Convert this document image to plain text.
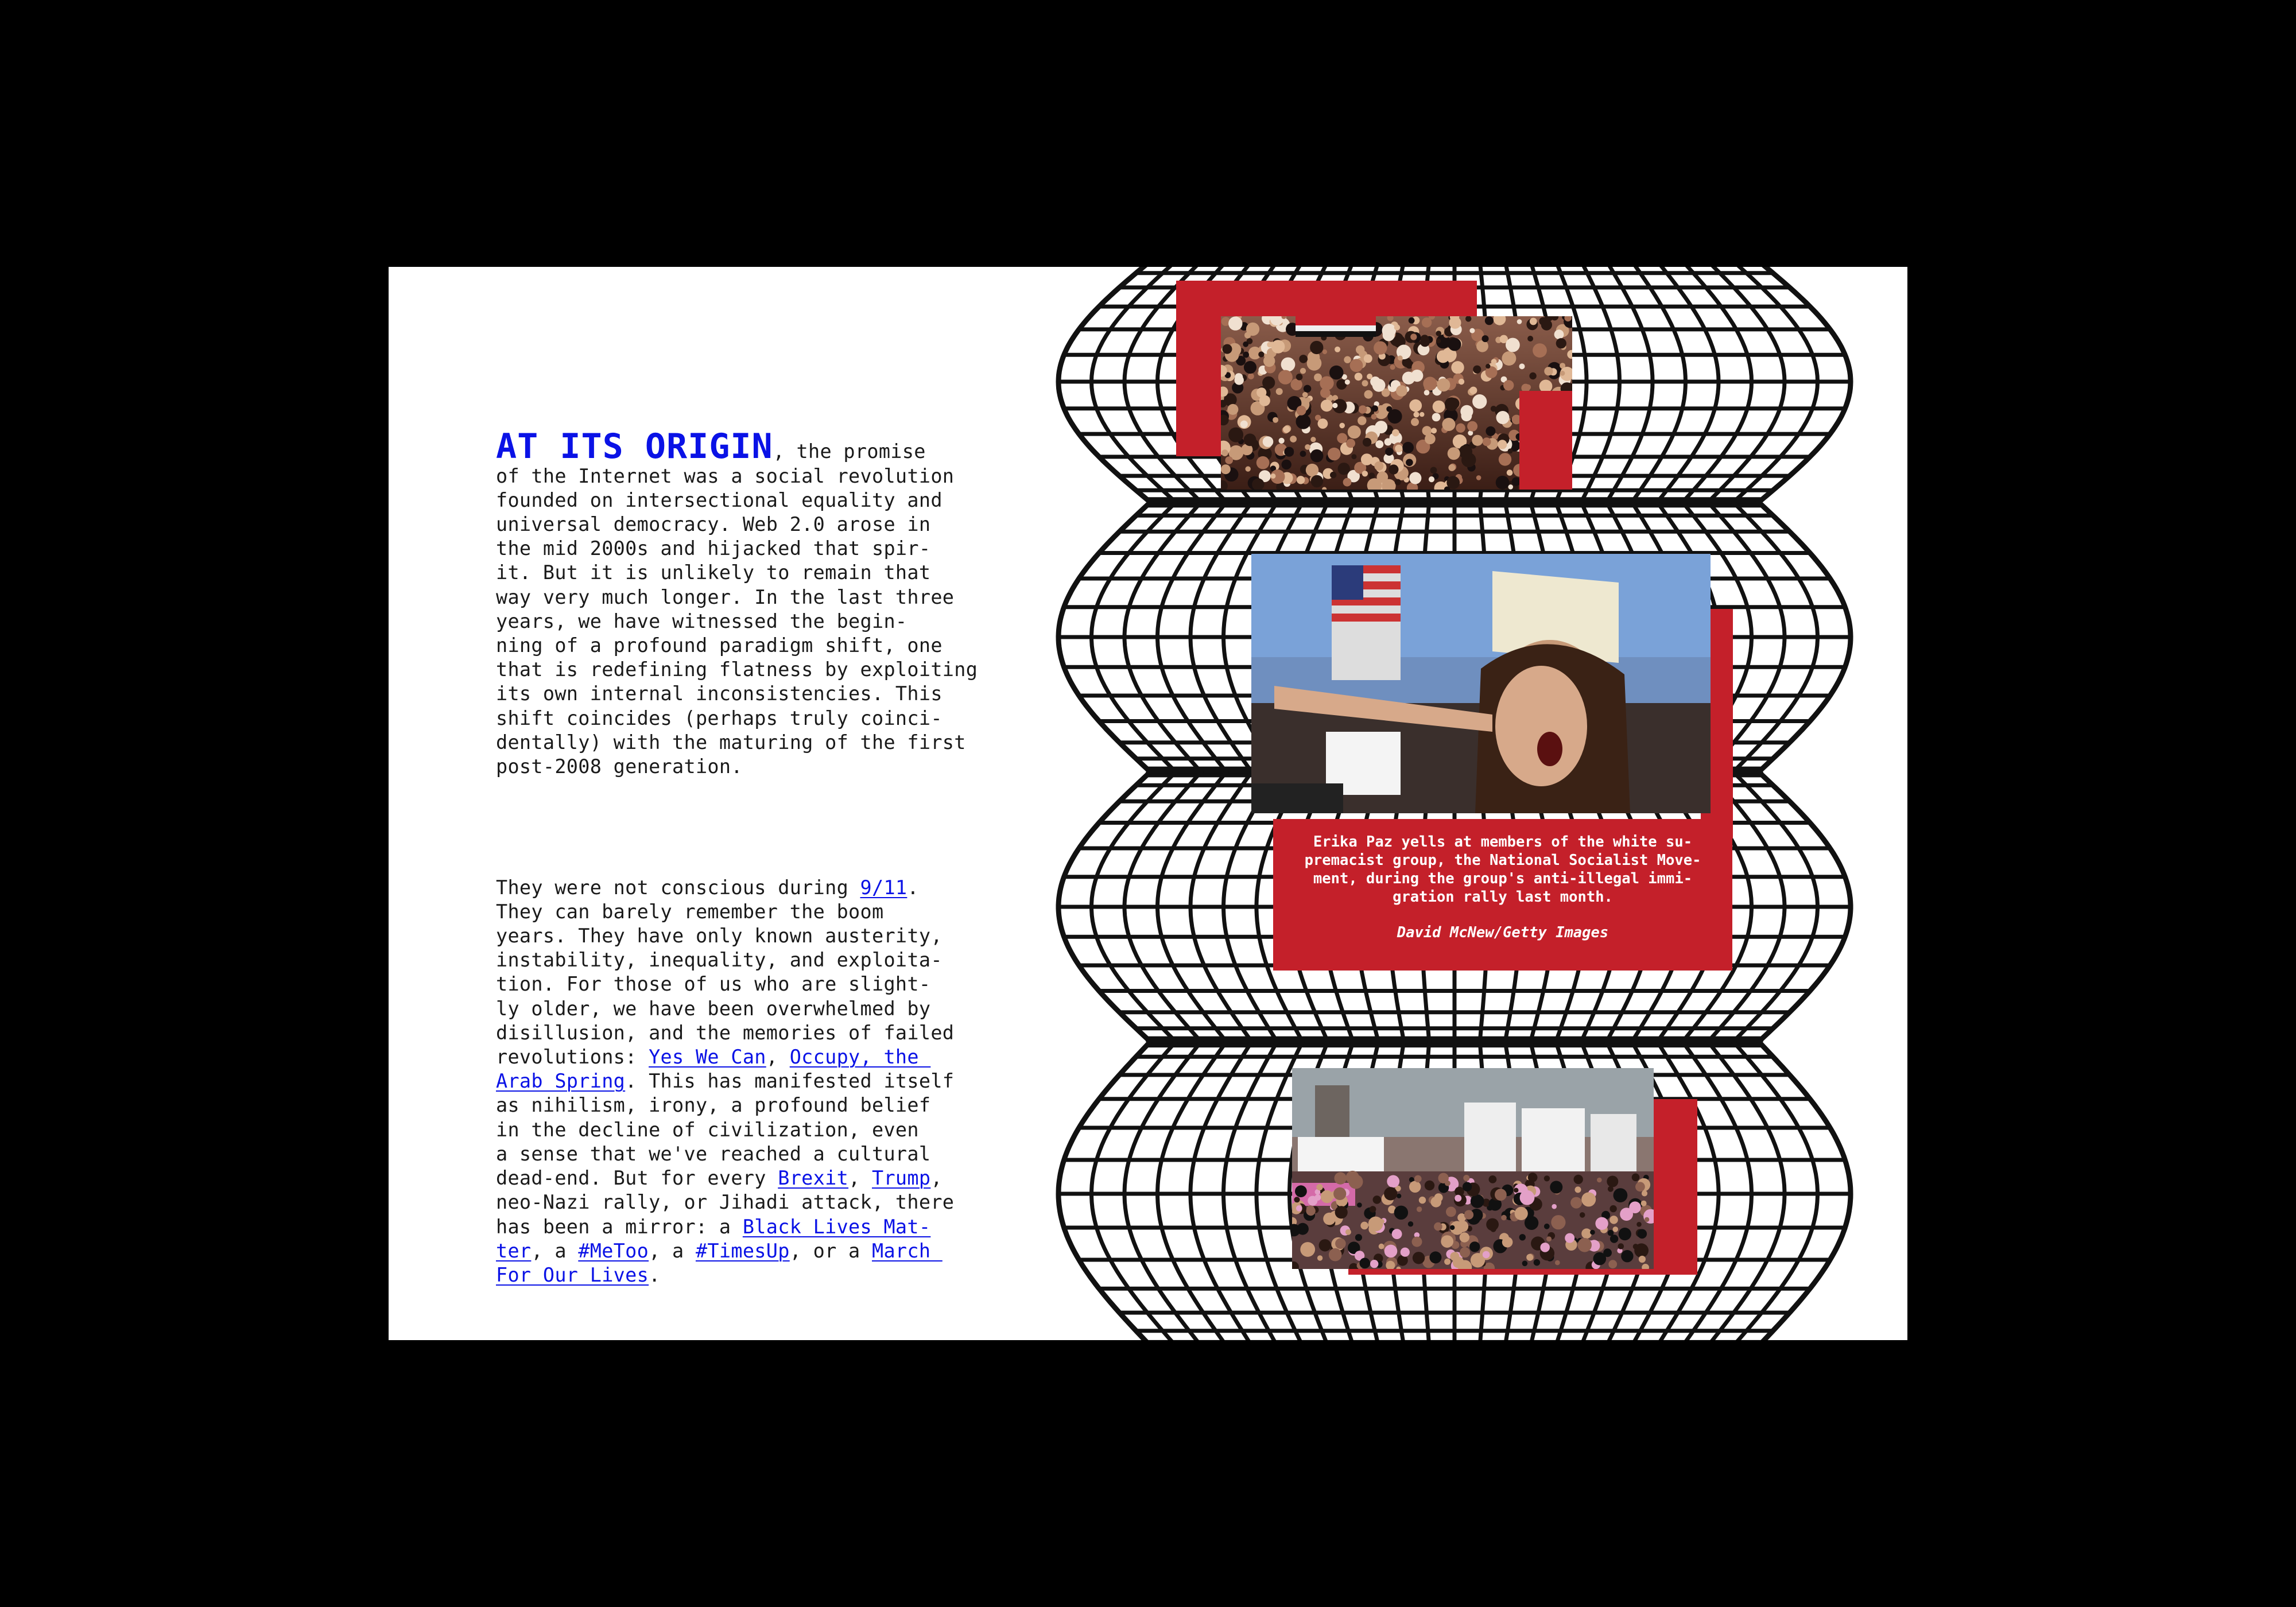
AT ITS ORIGIN, the promise
of the Internet was a social revolution
founded on intersectional equality and
universal democracy. Web 2.0 arose in
the mid 2000s and hijacked that spir-
it. But it is unlikely to remain that
way very much longer. In the last three
years, we have witnessed the begin-
ning of a profound paradigm shift, one
that is redefining flatness by exploiting
its own internal inconsistencies. This
shift coincides (perhaps truly coinci-
dentally) with the maturing of the first
post-2008 generation.

They were not conscious during 9/11.
They can barely remember the boom
years. They have only known austerity,
instability, inequality, and exploita-
tion. For those of us who are slight-
ly older, we have been overwhelmed by
disillusion, and the memories of failed
revolutions: Yes We Can, Occupy, the
Arab Spring. This has manifested itself
as nihilism, irony, a profound belief
in the decline of civilization, even
a sense that we've reached a cultural
dead-end. But for every Brexit, Trump,
neo-Nazi rally, or Jihadi attack, there
has been a mirror: a Black Lives Mat-
ter, a #MeToo, a #TimesUp, or a March
For Our Lives.

Erika Paz yells at members of the white su-
premacist group, the National Socialist Move-
ment, during the group's anti-illegal immi-
gration rally last month.
David McNew/Getty Images
